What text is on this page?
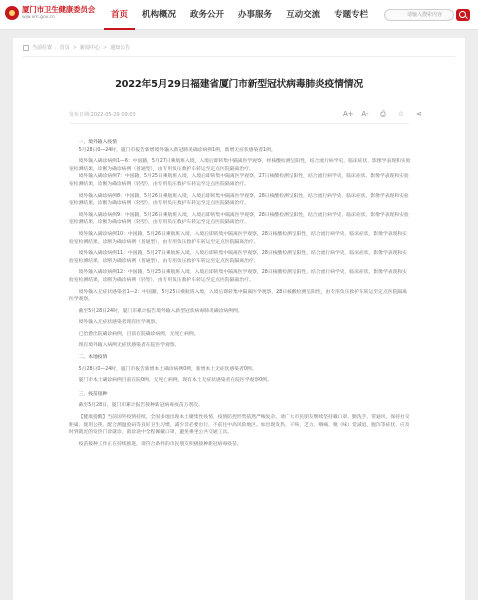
厦门市卫生健康委员会
wjw.xm.gov.cn	首页	机构概况	政务公开	办事服务	互动交流	专题专栏	请输入搜索内容
当前位置 : 首页 > 新闻中心 > 通知公告
2022年5月29日福建省厦门市新型冠状病毒肺炎疫情情况
发布日期:2022-05-29 09:03	A+ A- ⎙ ☆ ⋖

一、境外输入疫情

5月28日0—24时，厦门市报告新增境外输入新冠肺炎确诊病例1例，新增无症状感染者1例。

境外输入确诊病例1—6：中国籍，5月27日乘航班入境，入境后即转集中隔离医学观察，经核酸检测呈阳性，结合流行病学史、临床症状、影像学表现和实验室检测结果，诊断为确诊病例（普通型），由专用负压救护车转运至定点医院隔离治疗。

境外输入确诊病例7：中国籍，5月25日乘航班入境，入境后即转集中隔离医学观察，27日核酸检测呈阳性，结合流行病学史、临床症状、影像学表现和实验室检测结果，诊断为确诊病例（轻型），由专用负压救护车转运至定点医院隔离治疗。

境外输入确诊病例8：中国籍，5月26日乘航班入境，入境后即转集中隔离医学观察，28日核酸检测呈阳性，结合流行病学史、临床症状、影像学表现和实验室检测结果，诊断为确诊病例（轻型），由专用负压救护车转运至定点医院隔离治疗。

境外输入确诊病例9：中国籍，5月26日乘航班入境，入境后即转集中隔离医学观察，28日核酸检测呈阳性，结合流行病学史、临床症状、影像学表现和实验室检测结果，诊断为确诊病例（轻型），由专用负压救护车转运至定点医院隔离治疗。

境外输入确诊病例10：中国籍，5月26日乘航班入境，入境后即转集中隔离医学观察，28日核酸检测呈阳性，结合流行病学史、临床症状、影像学表现和实验室检测结果，诊断为确诊病例（普通型），由专用负压救护车转运至定点医院隔离治疗。

境外输入确诊病例11：中国籍，5月27日乘航班入境，入境后即转集中隔离医学观察，28日核酸检测呈阳性，结合流行病学史、临床症状、影像学表现和实验室检测结果，诊断为确诊病例（普通型），由专用负压救护车转运至定点医院隔离治疗。

境外输入确诊病例12：中国籍，5月25日乘航班入境，入境后即转集中隔离医学观察，28日核酸检测呈阳性，结合流行病学史、临床症状、影像学表现和实验室检测结果，诊断为确诊病例（轻型），由专用负压救护车转运至定点医院隔离治疗。

境外输入无症状感染者1—2：中国籍，5月25日乘航班入境，入境后即转集中隔离医学观察，28日核酸检测呈阳性，由专用负压救护车转运至定点医院隔离医学观察。

截至5月28日24时，厦门市累计报告境外输入新型冠状病毒肺炎确诊病例例。

境外输入无症状感染者现有医学观察。

已治愈出院确诊病例，目前在院确诊病例，无死亡病例。

现有境外输入病例无症状感染者在院医学观察。

二、本地疫情

5月28日0—24时，厦门市报告新增本土确诊病例0例，新增本土无症状感染者0例。

厦门市本土确诊病例目前在院0例，无死亡病例，现有本土无症状感染者在院医学观察0例。

三、疫苗接种

截至5月28日，厦门市累计报告接种新冠病毒疫苗万剂次。

【健康提醒】当前国外疫情持续，全国多地出现本土聚集性疫情，疫情防控形势依然严峻复杂。请广大市民朋友继续坚持戴口罩、勤洗手、常通风、保持社交距离、使用公筷、配合测温验码等良好卫生习惯，减少非必要出行，不前往中高风险地区。如出现发热、干咳、乏力、咽痛、嗅（味）觉减退、腹泻等症状，应及时到就近的发热门诊就诊，就诊途中全程佩戴口罩，避免乘坐公共交通工具。

疫苗接种工作正在持续推进，请符合条件的市民朋友积极接种新冠病毒疫苗。
